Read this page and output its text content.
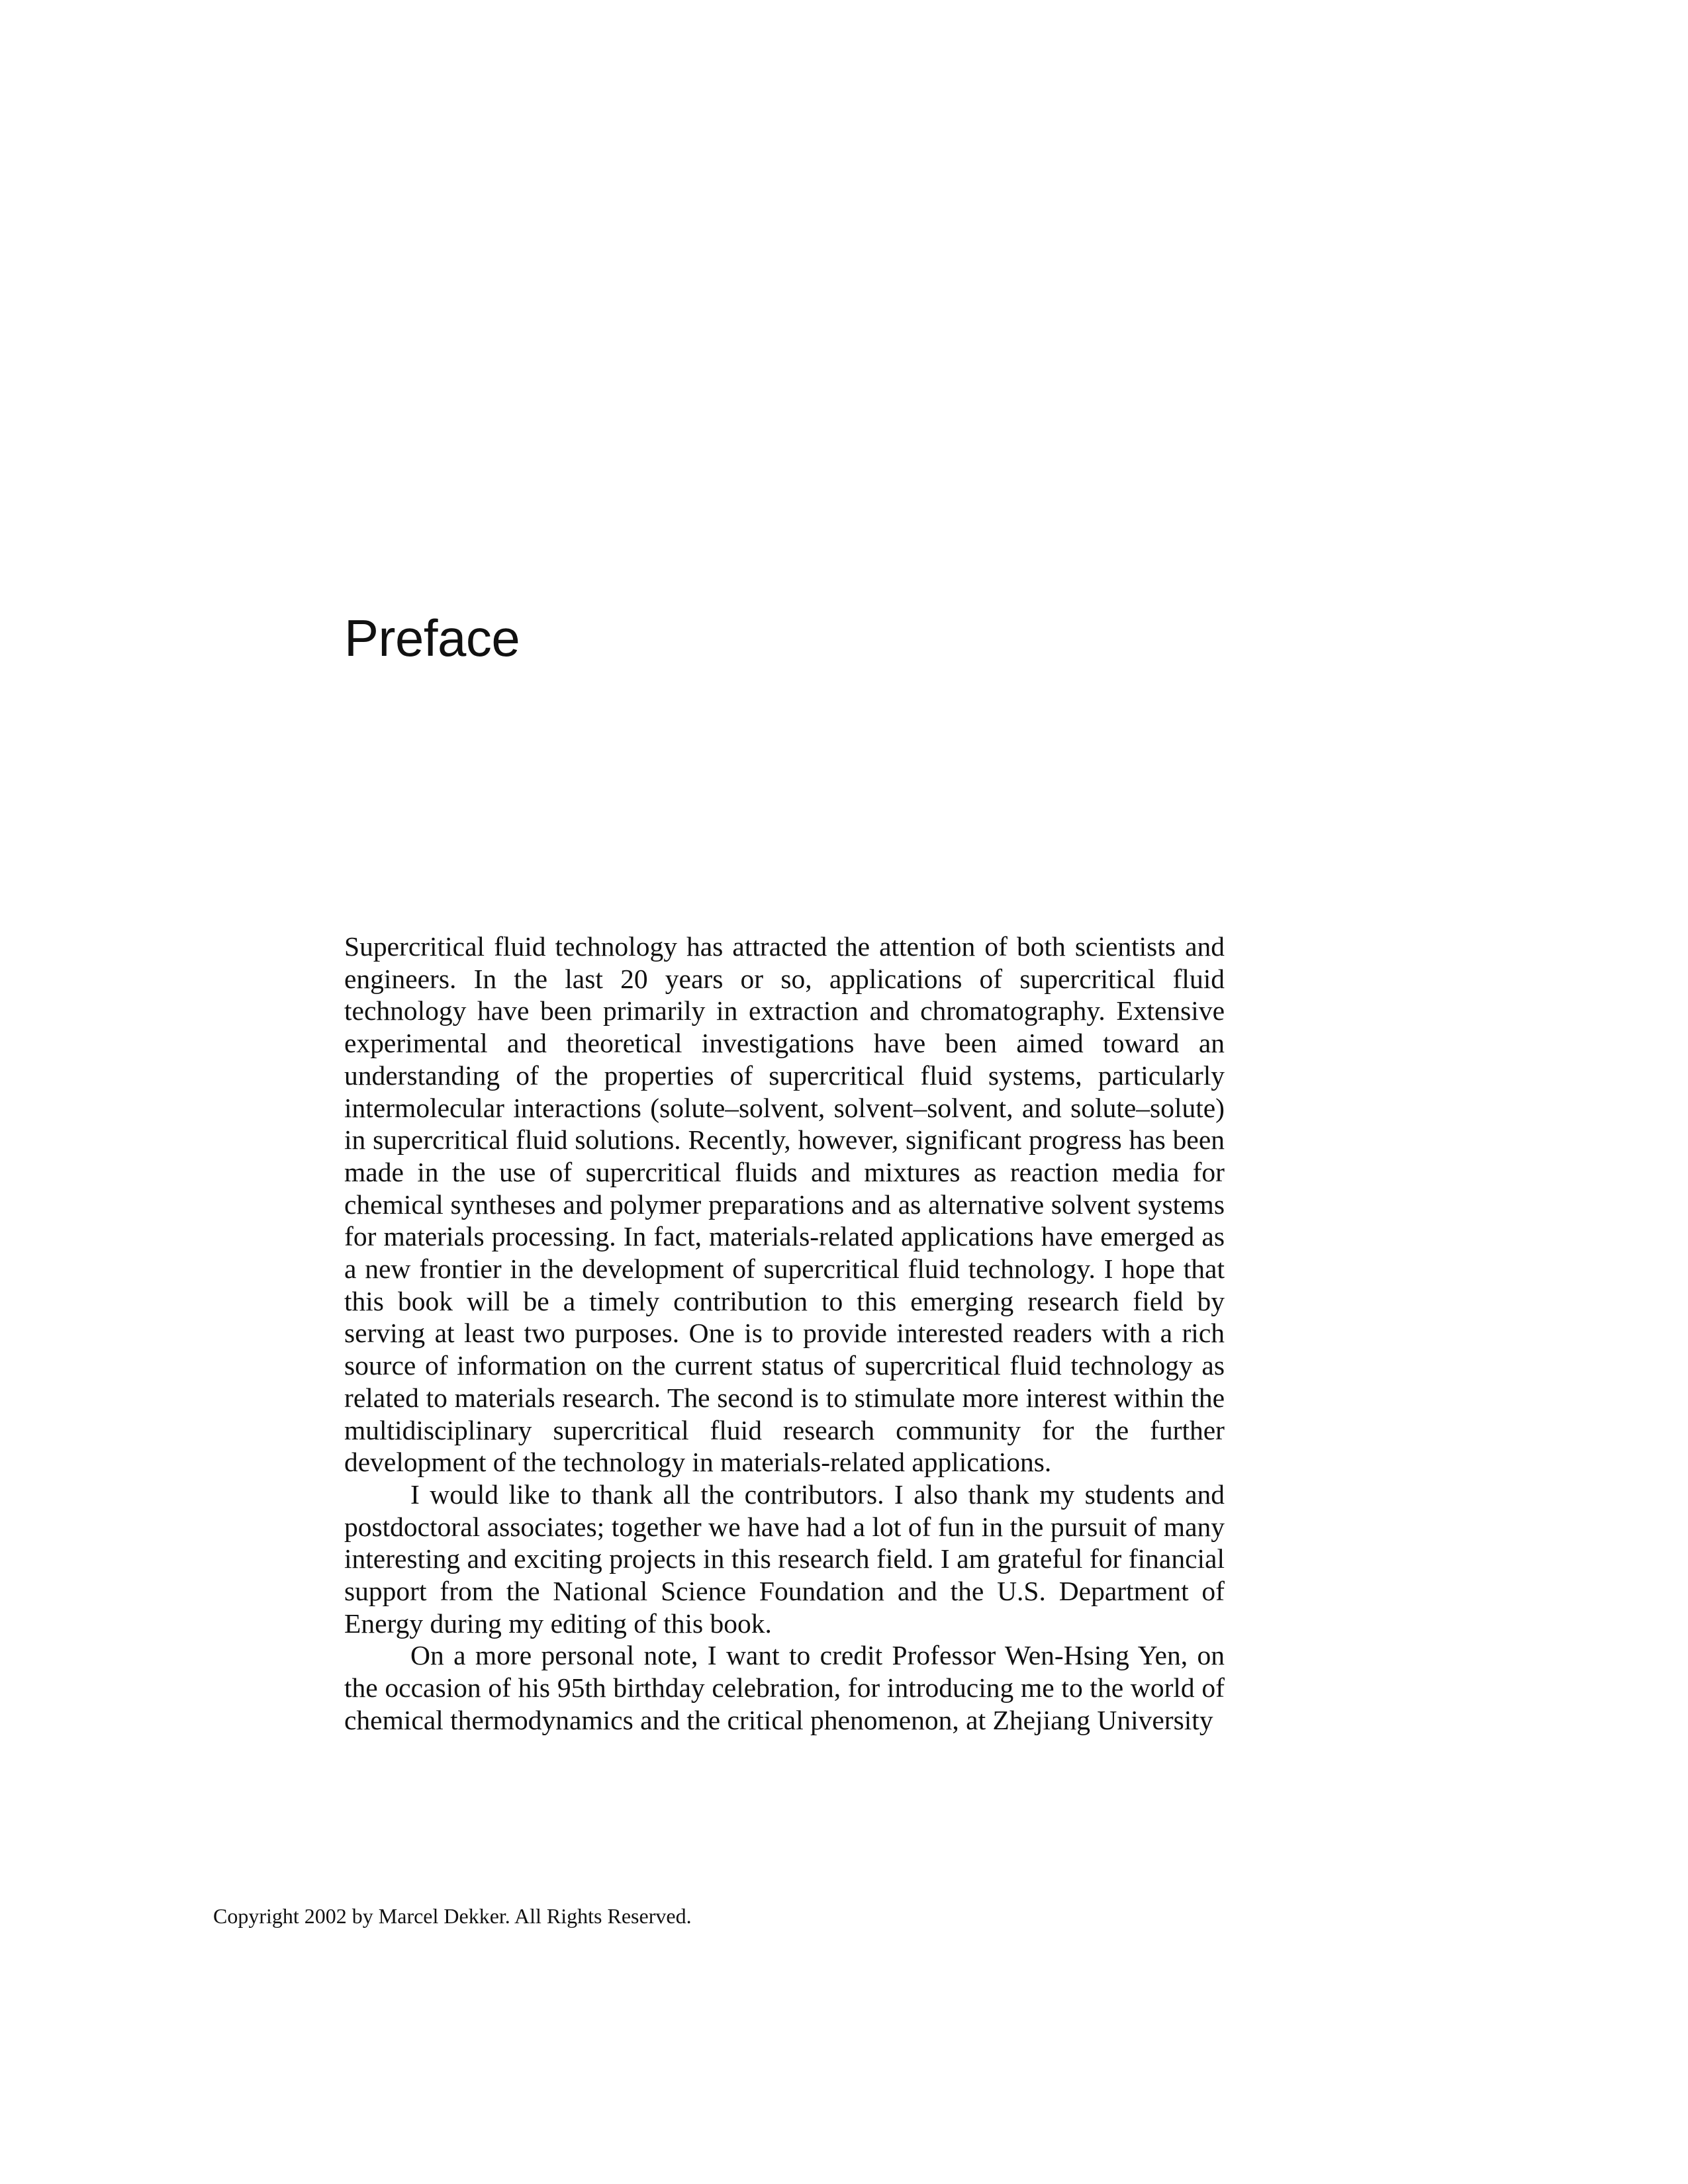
Preface

Supercritical fluid technology has attracted the attention of both scientists and engineers. In the last 20 years or so, applications of supercritical fluid technology have been primarily in extraction and chromatography. Extensive experimental and theoretical investigations have been aimed toward an understanding of the properties of supercritical fluid systems, particularly intermolecular interactions (solute–solvent, solvent–solvent, and solute–solute) in supercritical fluid solutions. Recently, however, significant progress has been made in the use of supercritical fluids and mixtures as reaction media for chemical syntheses and polymer preparations and as alternative solvent systems for materials processing. In fact, materials-related applications have emerged as a new frontier in the development of supercritical fluid technology. I hope that this book will be a timely contribution to this emerging research field by serving at least two purposes. One is to provide interested readers with a rich source of information on the current status of supercritical fluid technology as related to materials research. The second is to stimulate more interest within the multidisciplinary supercritical fluid research community for the further development of the technology in materials-related applications.

I would like to thank all the contributors. I also thank my students and postdoctoral associates; together we have had a lot of fun in the pursuit of many interesting and exciting projects in this research field. I am grateful for financial support from the National Science Foundation and the U.S. Department of Energy during my editing of this book.

On a more personal note, I want to credit Professor Wen-Hsing Yen, on the occasion of his 95th birthday celebration, for introducing me to the world of chemical thermodynamics and the critical phenomenon, at Zhejiang University

Copyright 2002 by Marcel Dekker. All Rights Reserved.
